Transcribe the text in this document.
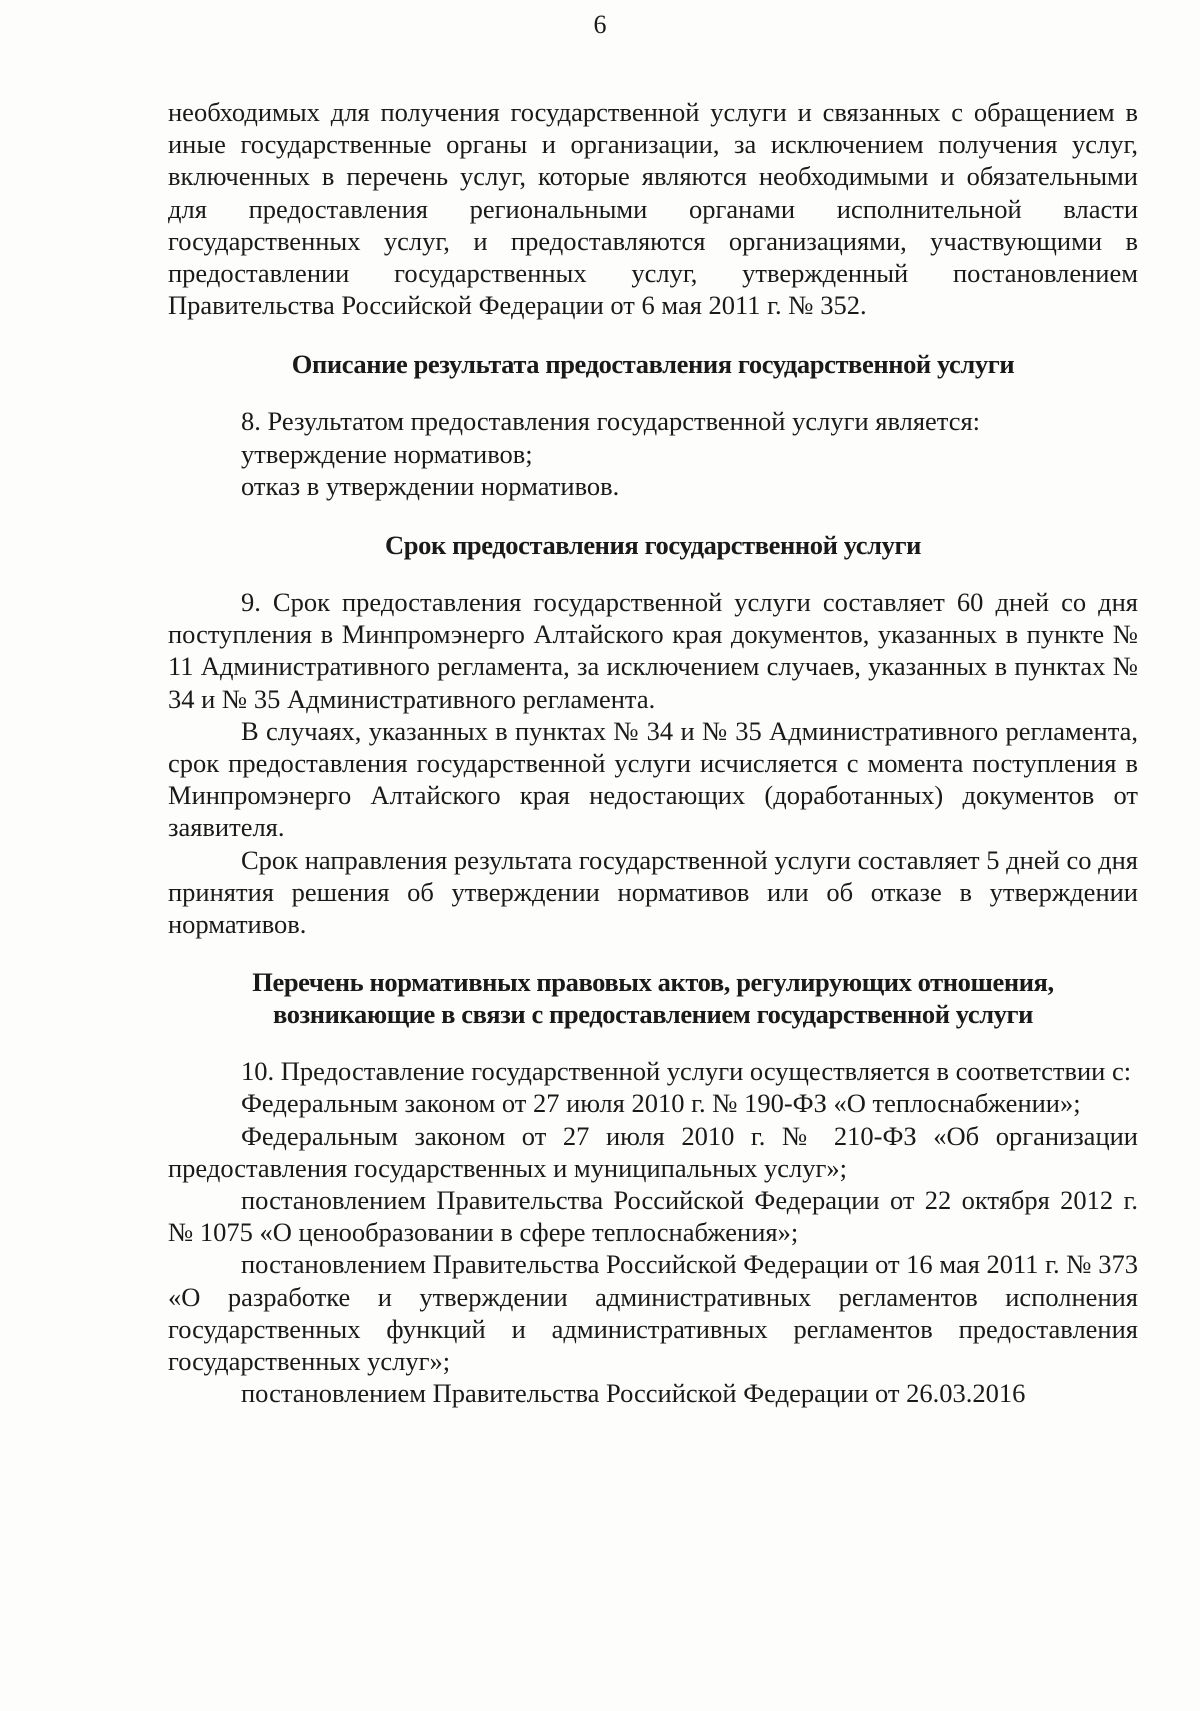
6

необходимых для получения государственной услуги и связанных с обращением в иные государственные органы и организации, за исключением получения услуг, включенных в перечень услуг, которые являются необходимыми и обязательными для предоставления региональными органами исполнительной власти государственных услуг, и предоставляются организациями, участвующими в предоставлении государственных услуг, утвержденный постановлением Правительства Российской Федерации от 6 мая 2011 г. № 352.

Описание результата предоставления государственной услуги

8. Результатом предоставления государственной услуги является:

утверждение нормативов;

отказ в утверждении нормативов.

Срок предоставления государственной услуги

9. Срок предоставления государственной услуги составляет 60 дней со дня поступления в Минпромэнерго Алтайского края документов, указанных в пункте № 11 Административного регламента, за исключением случаев, указанных в пунктах № 34 и № 35 Административного регламента.

В случаях, указанных в пунктах № 34 и № 35 Административного регламента, срок предоставления государственной услуги исчисляется с момента поступления в Минпромэнерго Алтайского края недостающих (доработанных) документов от заявителя.

Срок направления результата государственной услуги составляет 5 дней со дня принятия решения об утверждении нормативов или об отказе в утверждении нормативов.

Перечень нормативных правовых актов, регулирующих отношения,
возникающие в связи с предоставлением государственной услуги

10. Предоставление государственной услуги осуществляется в соответствии с:

Федеральным законом от 27 июля 2010 г. № 190-ФЗ «О теплоснабжении»;

Федеральным законом от 27 июля 2010 г. № 210-ФЗ «Об организации предоставления государственных и муниципальных услуг»;

постановлением Правительства Российской Федерации от 22 октября 2012 г. № 1075 «О ценообразовании в сфере теплоснабжения»;

постановлением Правительства Российской Федерации от 16 мая 2011 г. № 373 «О разработке и утверждении административных регламентов исполнения государственных функций и административных регламентов предоставления государственных услуг»;

постановлением Правительства Российской Федерации от 26.03.2016
